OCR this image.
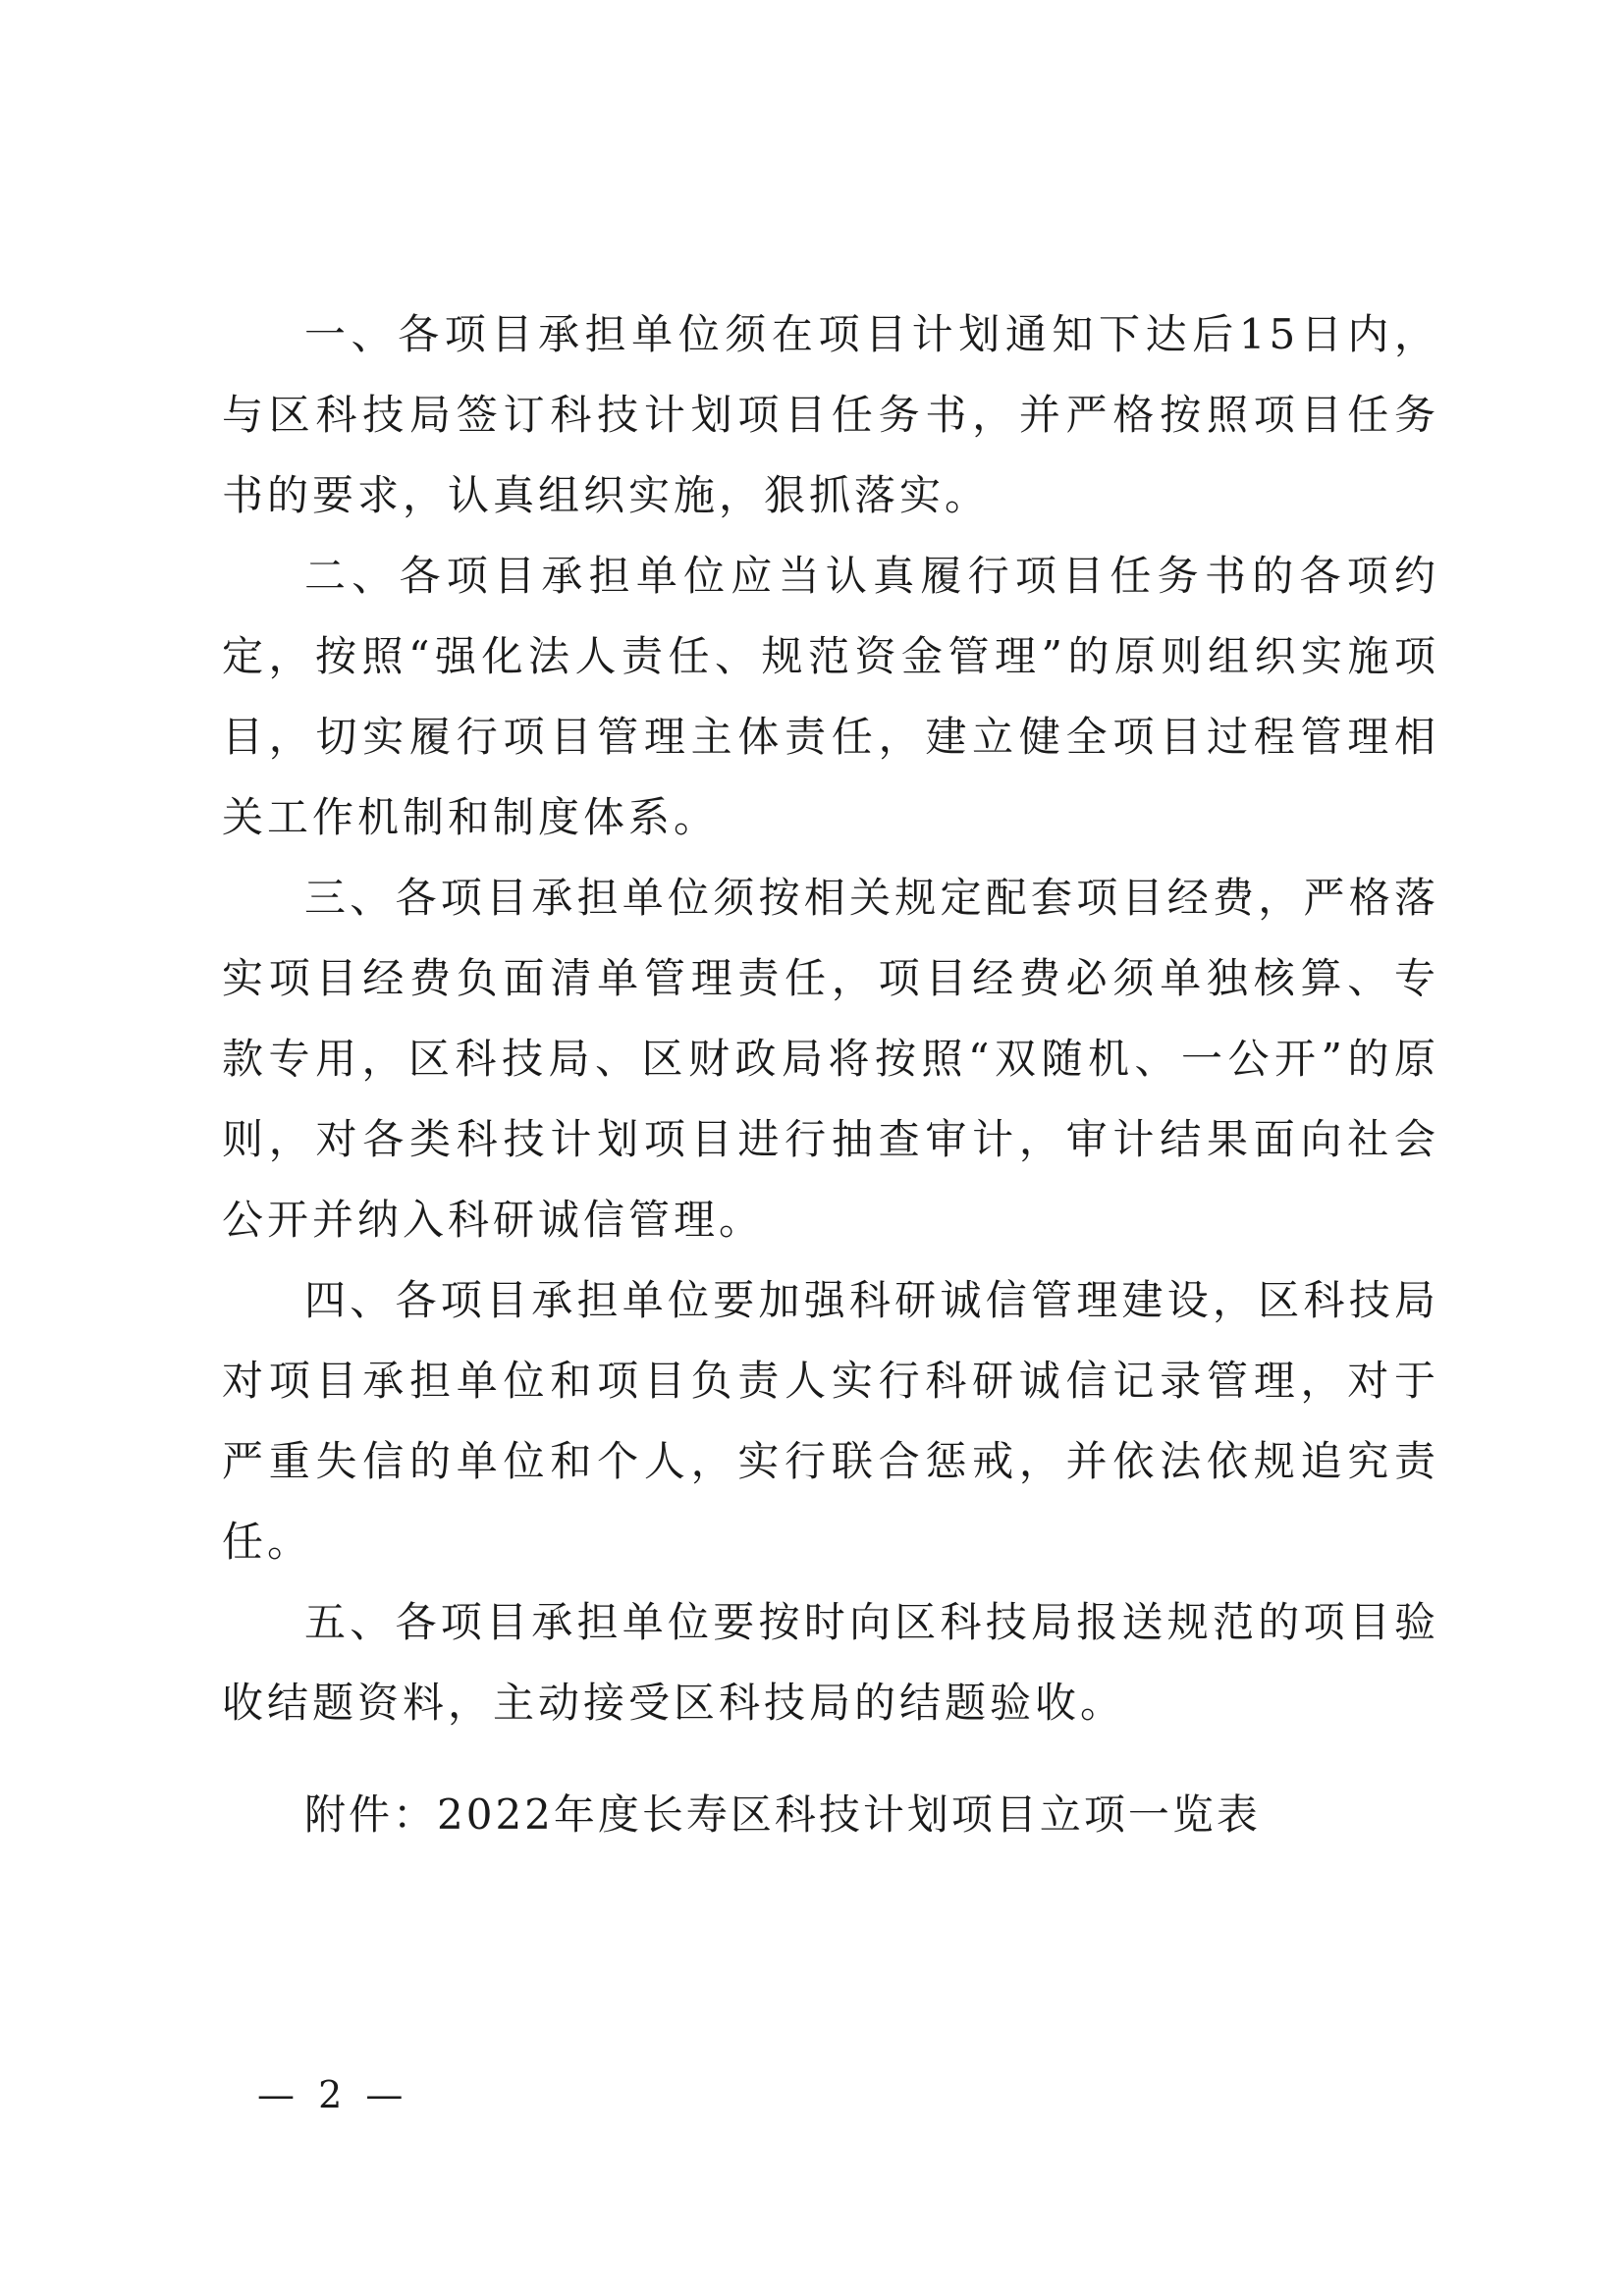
一、各项目承担单位须在项目计划通知下达后15日内，与区科技局签订科技计划项目任务书，并严格按照项目任务书的要求，认真组织实施，狠抓落实。

二、各项目承担单位应当认真履行项目任务书的各项约定，按照“强化法人责任、规范资金管理”的原则组织实施项目，切实履行项目管理主体责任，建立健全项目过程管理相关工作机制和制度体系。

三、各项目承担单位须按相关规定配套项目经费，严格落实项目经费负面清单管理责任，项目经费必须单独核算、专款专用，区科技局、区财政局将按照“双随机、一公开”的原则，对各类科技计划项目进行抽查审计，审计结果面向社会公开并纳入科研诚信管理。

四、各项目承担单位要加强科研诚信管理建设，区科技局对项目承担单位和项目负责人实行科研诚信记录管理，对于严重失信的单位和个人，实行联合惩戒，并依法依规追究责任。

五、各项目承担单位要按时向区科技局报送规范的项目验收结题资料，主动接受区科技局的结题验收。

附件：2022年度长寿区科技计划项目立项一览表

— 2 —
